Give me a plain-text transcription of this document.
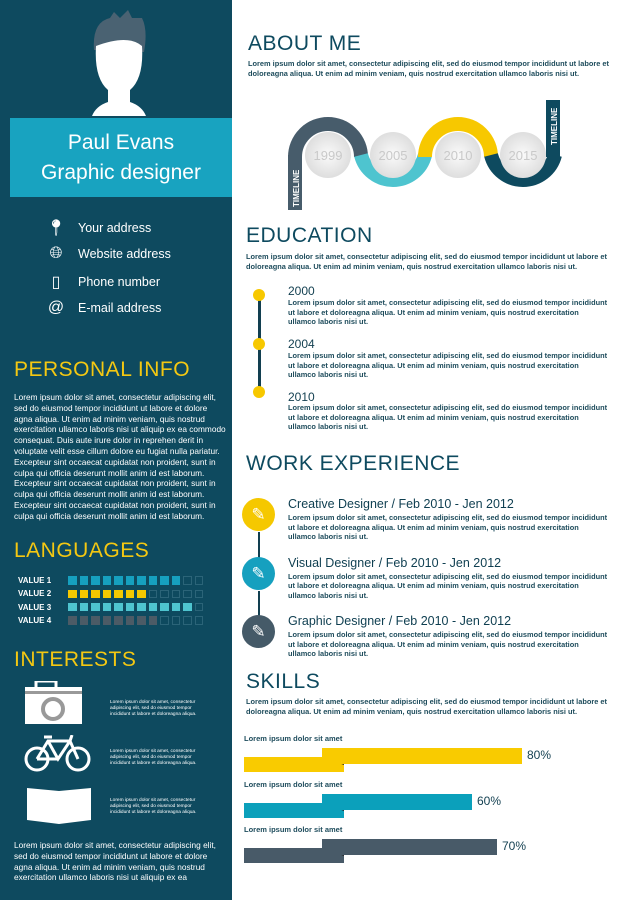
Paul Evans
Graphic designer
📍︎ Your address
🌐︎ Website address
▯	Phone number
@ E-mail address
PERSONAL INFO
Lorem ipsum dolor sit amet, consectetur adipiscing elit, sed do eiusmod tempor incididunt ut labore et dolore agna aliqua. Ut enim ad minim veniam, quis nostrud exercitation ullamco laboris nisi ut aliquip ex ea commodo consequat. Duis aute irure dolor in reprehen derit in voluptate velit esse cillum dolore eu fugiat nulla pariatur. Excepteur sint occaecat cupidatat non proident, sunt in culpa qui officia deserunt mollit anim id est laborum. Excepteur sint occaecat cupidatat non proident, sunt in culpa qui officia deserunt mollit anim id est laborum. Excepteur sint occaecat cupidatat non proident, sunt in culpa qui officia deserunt mollit anim id est laborum.
LANGUAGES
VALUE 1
VALUE 2
VALUE 3
VALUE 4
INTERESTS
Lorem ipsum dolor sit amet, consectetur adipiscing elit, sed do eiusmod tempor incididunt ut labore et doloreagna aliqua.
Lorem ipsum dolor sit amet, consectetur adipiscing elit, sed do eiusmod tempor incididunt ut labore et doloreagna aliqua.
Lorem ipsum dolor sit amet, consectetur adipiscing elit, sed do eiusmod tempor incididunt ut labore et doloreagna aliqua.
Lorem ipsum dolor sit amet, consectetur adipiscing elit, sed do eiusmod tempor incididunt ut labore et dolore agna aliqua. Ut enim ad minim veniam, quis nostrud exercitation ullamco laboris nisi ut aliquip ex ea
ABOUT ME
Lorem ipsum dolor sit amet, consectetur adipiscing elit, sed do eiusmod tempor incididunt ut labore et doloreagna aliqua. Ut enim ad minim veniam, quis nostrud exercitation ullamco laboris nisi ut.
1999	2005	2010	2015
TIMELINE
TIMELINE
EDUCATION
Lorem ipsum dolor sit amet, consectetur adipiscing elit, sed do eiusmod tempor incididunt ut labore et doloreagna aliqua. Ut enim ad minim veniam, quis nostrud exercitation ullamco laboris nisi ut.
2000
Lorem ipsum dolor sit amet, consectetur adipiscing elit, sed do eiusmod tempor incididunt ut labore et doloreagna aliqua. Ut enim ad minim veniam, quis nostrud exercitation ullamco laboris nisi ut.
2004
Lorem ipsum dolor sit amet, consectetur adipiscing elit, sed do eiusmod tempor incididunt ut labore et doloreagna aliqua. Ut enim ad minim veniam, quis nostrud exercitation ullamco laboris nisi ut.
2010
Lorem ipsum dolor sit amet, consectetur adipiscing elit, sed do eiusmod tempor incididunt ut labore et doloreagna aliqua. Ut enim ad minim veniam, quis nostrud exercitation ullamco laboris nisi ut.
WORK EXPERIENCE
✎
Creative Designer / Feb 2010 - Jen 2012
Lorem ipsum dolor sit amet, consectetur adipiscing elit, sed do eiusmod tempor incididunt ut labore et doloreagna aliqua. Ut enim ad minim veniam, quis nostrud exercitation ullamco laboris nisi ut.
✎
Visual Designer / Feb 2010 - Jen 2012
Lorem ipsum dolor sit amet, consectetur adipiscing elit, sed do eiusmod tempor incididunt ut labore et doloreagna aliqua. Ut enim ad minim veniam, quis nostrud exercitation ullamco laboris nisi ut.
✎
Graphic Designer / Feb 2010 - Jen 2012
Lorem ipsum dolor sit amet, consectetur adipiscing elit, sed do eiusmod tempor incididunt ut labore et doloreagna aliqua. Ut enim ad minim veniam, quis nostrud exercitation ullamco laboris nisi ut.
SKILLS
Lorem ipsum dolor sit amet, consectetur adipiscing elit, sed do eiusmod tempor incididunt ut labore et doloreagna aliqua. Ut enim ad minim veniam, quis nostrud exercitation ullamco laboris nisi ut.
Lorem ipsum dolor sit amet
80%
Lorem ipsum dolor sit amet
60%
Lorem ipsum dolor sit amet
70%
